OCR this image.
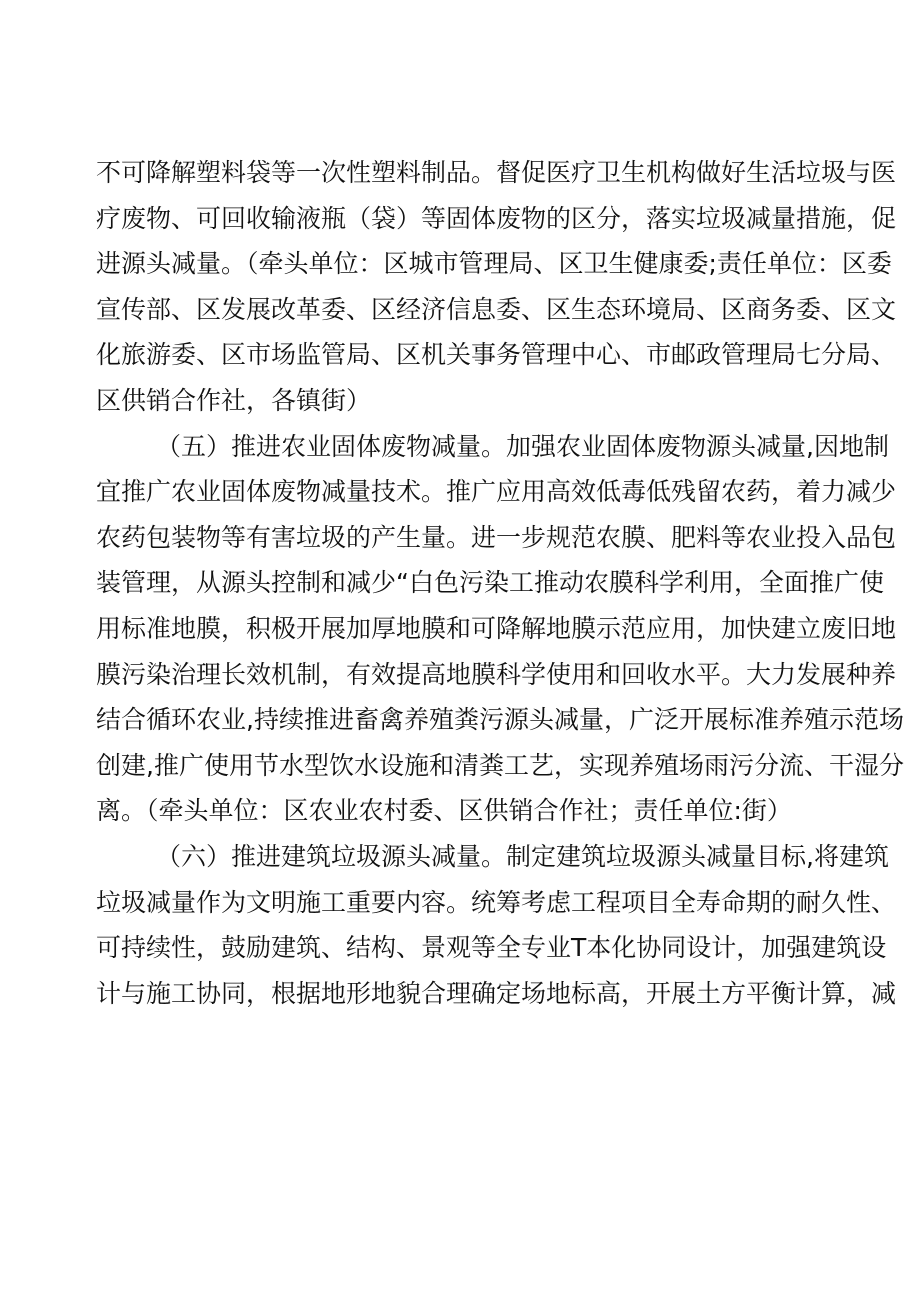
不可降解塑料袋等一次性塑料制品。督促医疗卫生机构做好生活垃圾与医
疗废物、可回收输液瓶（袋）等固体废物的区分，落实垃圾减量措施，促
进源头减量。（牵头单位：区城市管理局、区卫生健康委;责任单位：区委
宣传部、区发展改革委、区经济信息委、区生态环境局、区商务委、区文
化旅游委、区市场监管局、区机关事务管理中心、市邮政管理局七分局、
区供销合作社，各镇街）
（五）推进农业固体废物减量。加强农业固体废物源头减量,因地制
宜推广农业固体废物减量技术。推广应用高效低毒低残留农药，着力减少
农药包装物等有害垃圾的产生量。进一步规范农膜、肥料等农业投入品包
装管理，从源头控制和减少“白色污染工推动农膜科学利用，全面推广使
用标准地膜，积极开展加厚地膜和可降解地膜示范应用，加快建立废旧地
膜污染治理长效机制，有效提高地膜科学使用和回收水平。大力发展种养
结合循环农业,持续推进畜禽养殖粪污源头减量，广泛开展标准养殖示范场
创建,推广使用节水型饮水设施和清粪工艺，实现养殖场雨污分流、干湿分
离。（牵头单位：区农业农村委、区供销合作社；责任单位:街）
（六）推进建筑垃圾源头减量。制定建筑垃圾源头减量目标,将建筑
垃圾减量作为文明施工重要内容。统筹考虑工程项目全寿命期的耐久性、
可持续性，鼓励建筑、结构、景观等全专业T本化协同设计，加强建筑设
计与施工协同，根据地形地貌合理确定场地标高，开展土方平衡计算，减
